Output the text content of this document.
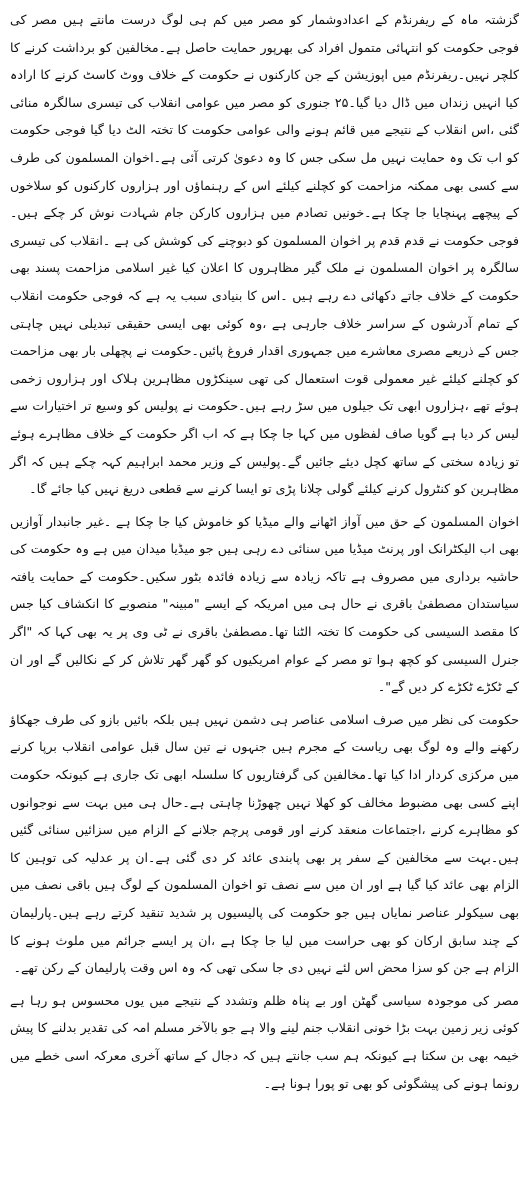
گزشتہ ماہ کے ریفرنڈم کے اعدادوشمار کو مصر میں کم ہی لوگ درست مانتے ہیں مصر کی فوجی حکومت کو انتہائی متمول افراد کی بھرپور حمایت حاصل ہے۔مخالفین کو برداشت کرنے کا کلچر نہیں۔ریفرنڈم میں اپوزیشن کے جن کارکنوں نے حکومت کے خلاف ووٹ کاسٹ کرنے کا ارادہ کیا انہیں زنداں میں ڈال دیا گیا۔۲۵ جنوری کو مصر میں عوامی انقلاب کی تیسری سالگرہ منائی گئی ،اس انقلاب کے نتیجے میں قائم ہونے والی عوامی حکومت کا تختہ الٹ دیا گیا فوجی حکومت کو اب تک وہ حمایت نہیں مل سکی جس کا وہ دعویٰ کرتی آئی ہے۔اخوان المسلمون کی طرف سے کسی بھی ممکنہ مزاحمت کو کچلنے کیلئے اس کے رہنماؤں اور ہزاروں کارکنوں کو سلاخوں کے پیچھے پہنچایا جا چکا ہے۔خونیں تصادم میں ہزاروں کارکن جام شہادت نوش کر چکے ہیں۔فوجی حکومت نے قدم قدم پر اخوان المسلمون کو دبوچنے کی کوشش کی ہے ۔انقلاب کی تیسری سالگرہ پر اخوان المسلمون نے ملک گیر مظاہروں کا اعلان کیا غیر اسلامی مزاحمت پسند بھی حکومت کے خلاف جاتے دکھائی دے رہے ہیں ۔اس کا بنیادی سبب یہ ہے کہ فوجی حکومت انقلاب کے تمام آدرشوں کے سراسر خلاف جارہی ہے ،وہ کوئی بھی ایسی حقیقی تبدیلی نہیں چاہتی جس کے ذریعے مصری معاشرے میں جمہوری اقدار فروغ پائیں۔حکومت نے پچھلی بار بھی مزاحمت کو کچلنے کیلئے غیر معمولی قوت استعمال کی تھی سینکڑوں مظاہرین ہلاک اور ہزاروں زخمی ہوئے تھے ،ہزاروں ابھی تک جیلوں میں سڑ رہے ہیں۔حکومت نے پولیس کو وسیع تر اختیارات سے لیس کر دیا ہے گویا صاف لفظوں میں کہا جا چکا ہے کہ اب اگر حکومت کے خلاف مظاہرے ہوئے تو زیادہ سختی کے ساتھ کچل دیئے جائیں گے۔پولیس کے وزیر محمد ابراہیم کہہ چکے ہیں کہ اگر مظاہرین کو کنٹرول کرنے کیلئے گولی چلانا پڑی تو ایسا کرنے سے قطعی دریغ نہیں کیا جائے گا۔

اخوان المسلمون کے حق میں آواز اٹھانے والے میڈیا کو خاموش کیا جا چکا ہے ۔غیر جانبدار آوازیں بھی اب الیکٹرانک اور پرنٹ میڈیا میں سنائی دے رہی ہیں جو میڈیا میدان میں ہے وہ حکومت کی حاشیہ برداری میں مصروف ہے تاکہ زیادہ سے زیادہ فائدہ بٹور سکیں۔حکومت کے حمایت یافتہ سیاستدان مصطفیٰ باقری نے حال ہی میں امریکہ کے ایسے "مبینہ" منصوبے کا انکشاف کیا جس کا مقصد السیسی کی حکومت کا تختہ الٹنا تھا۔مصطفیٰ باقری نے ٹی وی پر یہ بھی کہا کہ "اگر جنرل السیسی کو کچھ ہوا تو مصر کے عوام امریکیوں کو گھر گھر تلاش کر کے نکالیں گے اور ان کے ٹکڑے ٹکڑے کر دیں گے"۔

حکومت کی نظر میں صرف اسلامی عناصر ہی دشمن نہیں ہیں بلکہ بائیں بازو کی طرف جھکاؤ رکھنے والے وہ لوگ بھی ریاست کے مجرم ہیں جنہوں نے تین سال قبل عوامی انقلاب برپا کرنے میں مرکزی کردار ادا کیا تھا۔مخالفین کی گرفتاریوں کا سلسلہ ابھی تک جاری ہے کیونکہ حکومت اپنے کسی بھی مضبوط مخالف کو کھلا نہیں چھوڑنا چاہتی ہے۔حال ہی میں بہت سے نوجوانوں کو مظاہرے کرنے ،اجتماعات منعقد کرنے اور قومی پرچم جلانے کے الزام میں سزائیں سنائی گئیں ہیں۔بہت سے مخالفین کے سفر پر بھی پابندی عائد کر دی گئی ہے۔ان پر عدلیہ کی توہین کا الزام بھی عائد کیا گیا ہے اور ان میں سے نصف تو اخوان المسلمون کے لوگ ہیں باقی نصف میں بھی سیکولر عناصر نمایاں ہیں جو حکومت کی پالیسیوں پر شدید تنقید کرتے رہے ہیں۔پارلیمان کے چند سابق ارکان کو بھی حراست میں لیا جا چکا ہے ،ان پر ایسے جرائم میں ملوث ہونے کا الزام ہے جن کو سزا محض اس لئے نہیں دی جا سکی تھی کہ وہ اس وقت پارلیمان کے رکن تھے۔

مصر کی موجودہ سیاسی گھٹن اور بے پناہ ظلم وتشدد کے نتیجے میں یوں محسوس ہو رہا ہے کوئی زیر زمین بہت بڑا خونی انقلاب جنم لینے والا ہے جو بالآخر مسلم امہ کی تقدیر بدلنے کا پیش خیمہ بھی بن سکتا ہے کیونکہ ہم سب جانتے ہیں کہ دجال کے ساتھ آخری معرکہ اسی خطے میں رونما ہونے کی پیشگوئی کو بھی تو پورا ہونا ہے۔
